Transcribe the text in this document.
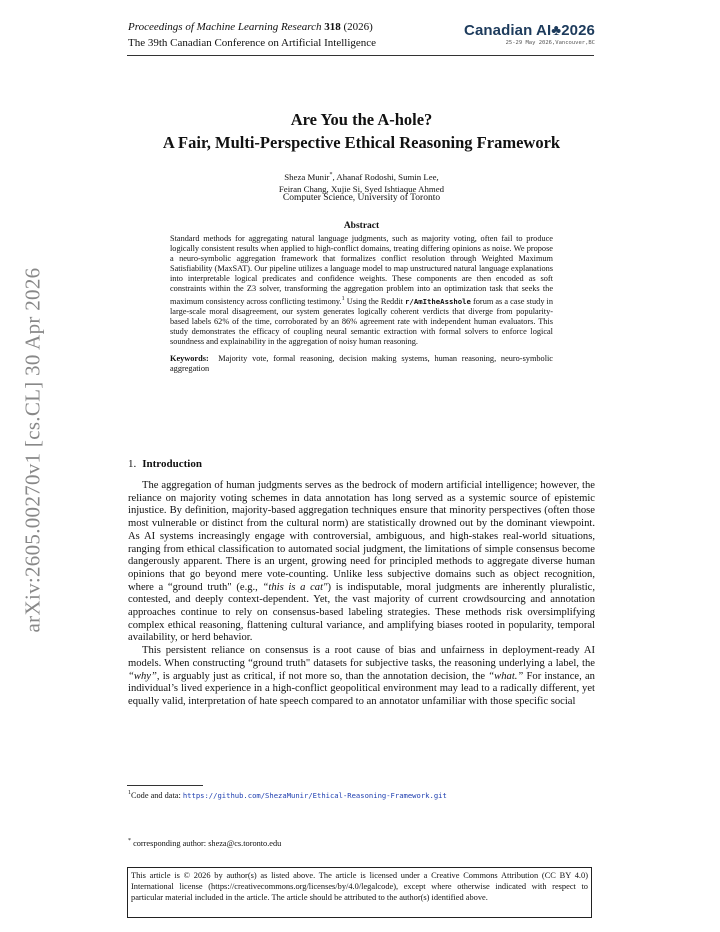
Proceedings of Machine Learning Research 318 (2026)
The 39th Canadian Conference on Artificial Intelligence
Canadian AI♣2026
25-29 May 2026,Vancouver,BC
arXiv:2605.00270v1 [cs.CL] 30 Apr 2026
Are You the A-hole?
A Fair, Multi-Perspective Ethical Reasoning Framework
Sheza Munir*, Ahanaf Rodoshi, Sumin Lee,
Feiran Chang, Xujie Si, Syed Ishtiaque Ahmed
Computer Science, University of Toronto
Abstract

Standard methods for aggregating natural language judgments, such as majority voting, often fail to produce logically consistent results when applied to high-conflict domains, treating differing opinions as noise. We propose a neuro-symbolic aggregation framework that formalizes conflict resolution through Weighted Maximum Satisfiability (MaxSAT). Our pipeline utilizes a language model to map unstructured natural language explanations into interpretable logical predicates and confidence weights. These components are then encoded as soft constraints within the Z3 solver, transforming the aggregation problem into an optimization task that seeks the maximum consistency across conflicting testimony.$^1$ Using the Reddit r/AmItheAsshole forum as a case study in large-scale moral disagreement, our system generates logically coherent verdicts that diverge from popularity-based labels 62% of the time, corroborated by an 86% agreement rate with independent human evaluators. This study demonstrates the efficacy of coupling neural semantic extraction with formal solvers to enforce logical soundness and explainability in the aggregation of noisy human reasoning.

Keywords: Majority vote, formal reasoning, decision making systems, human reasoning, neuro-symbolic aggregation

1. Introduction

The aggregation of human judgments serves as the bedrock of modern artificial intelligence; however, the reliance on majority voting schemes in data annotation has long served as a systemic source of epistemic injustice. By definition, majority-based aggregation techniques ensure that minority perspectives (often those most vulnerable or distinct from the cultural norm) are statistically drowned out by the dominant viewpoint. As AI systems increasingly engage with controversial, ambiguous, and high-stakes real-world situations, ranging from ethical classification to automated social judgment, the limitations of simple consensus become dangerously apparent. There is an urgent, growing need for principled methods to aggregate diverse human opinions that go beyond mere vote-counting. Unlike less subjective domains such as object recognition, where a “ground truth" (e.g., “this is a cat") is indisputable, moral judgments are inherently pluralistic, contested, and deeply context-dependent. Yet, the vast majority of current crowdsourcing and annotation approaches continue to rely on consensus-based labeling strategies. These methods risk oversimplifying complex ethical reasoning, flattening cultural variance, and amplifying biases rooted in popularity, temporal availability, or herd behavior.

This persistent reliance on consensus is a root cause of bias and unfairness in deployment-ready AI models. When constructing “ground truth" datasets for subjective tasks, the reasoning underlying a label, the “why”, is arguably just as critical, if not more so, than the annotation decision, the “what.” For instance, an individual’s lived experience in a high-conflict geopolitical environment may lead to a radically different, yet equally valid, interpretation of hate speech compared to an annotator unfamiliar with those specific social

$^1$Code and data: https://github.com/ShezaMunir/Ethical-Reasoning-Framework.git
* corresponding author: sheza@cs.toronto.edu

This article is © 2026 by author(s) as listed above. The article is licensed under a Creative Commons Attribution (CC BY 4.0) International license (https://creativecommons.org/licenses/by/4.0/legalcode), except where otherwise indicated with respect to particular material included in the article. The article should be attributed to the author(s) identified above.
